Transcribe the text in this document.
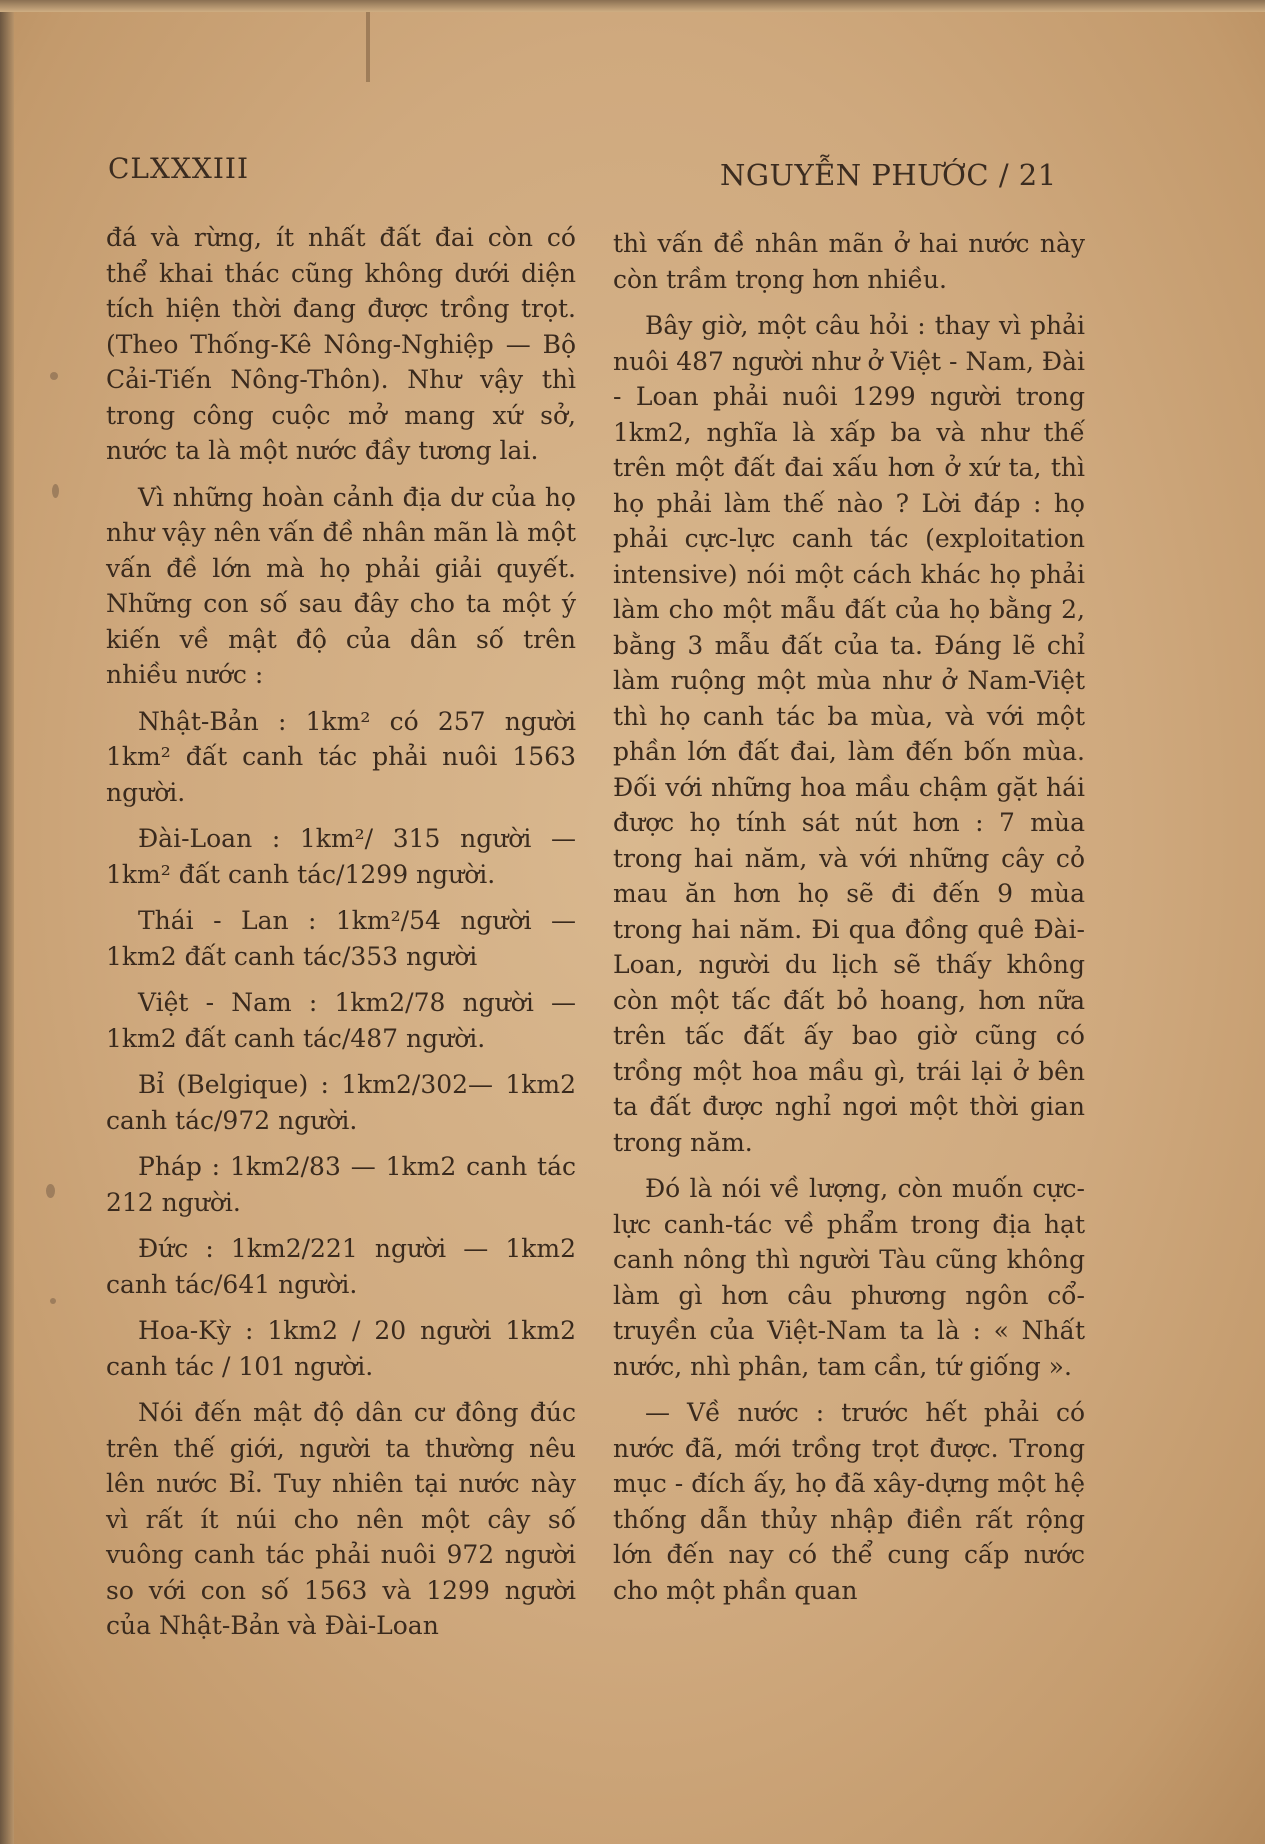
CLXXXIII	NGUYỄN PHƯỚC / 21

đá và rừng, ít nhất đất đai còn có thể khai thác cũng không dưới diện tích hiện thời đang được trồng trọt. (Theo Thống-Kê Nông-Nghiệp — Bộ Cải-Tiến Nông-Thôn). Như vậy thì trong công cuộc mở mang xứ sở, nước ta là một nước đầy tương lai.

Vì những hoàn cảnh địa dư của họ như vậy nên vấn đề nhân mãn là một vấn đề lớn mà họ phải giải quyết. Những con số sau đây cho ta một ý kiến về mật độ của dân số trên nhiều nước :

Nhật-Bản : 1km² có 257 người 1km² đất canh tác phải nuôi 1563 người.

Đài-Loan : 1km²/ 315 người — 1km² đất canh tác/1299 người.

Thái - Lan : 1km²/54 người — 1km2 đất canh tác/353 người

Việt - Nam : 1km2/78 người — 1km2 đất canh tác/487 người.

Bỉ (Belgique) : 1km2/302— 1km2 canh tác/972 người.

Pháp : 1km2/83 — 1km2 canh tác 212 người.

Đức : 1km2/221 người — 1km2 canh tác/641 người.

Hoa-Kỳ : 1km2 / 20 người 1km2 canh tác / 101 người.

Nói đến mật độ dân cư đông đúc trên thế giới, người ta thường nêu lên nước Bỉ. Tuy nhiên tại nước này vì rất ít núi cho nên một cây số vuông canh tác phải nuôi 972 người so với con số 1563 và 1299 người của Nhật-Bản và Đài-Loan

thì vấn đề nhân mãn ở hai nước này còn trầm trọng hơn nhiều.

Bây giờ, một câu hỏi : thay vì phải nuôi 487 người như ở Việt - Nam, Đài - Loan phải nuôi 1299 người trong 1km2, nghĩa là xấp ba và như thế trên một đất đai xấu hơn ở xứ ta, thì họ phải làm thế nào ? Lời đáp : họ phải cực-lực canh tác (exploitation intensive) nói một cách khác họ phải làm cho một mẫu đất của họ bằng 2, bằng 3 mẫu đất của ta. Đáng lẽ chỉ làm ruộng một mùa như ở Nam-Việt thì họ canh tác ba mùa, và với một phần lớn đất đai, làm đến bốn mùa. Đối với những hoa mầu chậm gặt hái được họ tính sát nút hơn : 7 mùa trong hai năm, và với những cây cỏ mau ăn hơn họ sẽ đi đến 9 mùa trong hai năm. Đi qua đồng quê Đài-Loan, người du lịch sẽ thấy không còn một tấc đất bỏ hoang, hơn nữa trên tấc đất ấy bao giờ cũng có trồng một hoa mầu gì, trái lại ở bên ta đất được nghỉ ngơi một thời gian trong năm.

Đó là nói về lượng, còn muốn cực-lực canh-tác về phẩm trong địa hạt canh nông thì người Tàu cũng không làm gì hơn câu phương ngôn cổ-truyền của Việt-Nam ta là : « Nhất nước, nhì phân, tam cần, tứ giống ».

— Về nước : trước hết phải có nước đã, mới trồng trọt được. Trong mục - đích ấy, họ đã xây-dựng một hệ thống dẫn thủy nhập điền rất rộng lớn đến nay có thể cung cấp nước cho một phần quan
